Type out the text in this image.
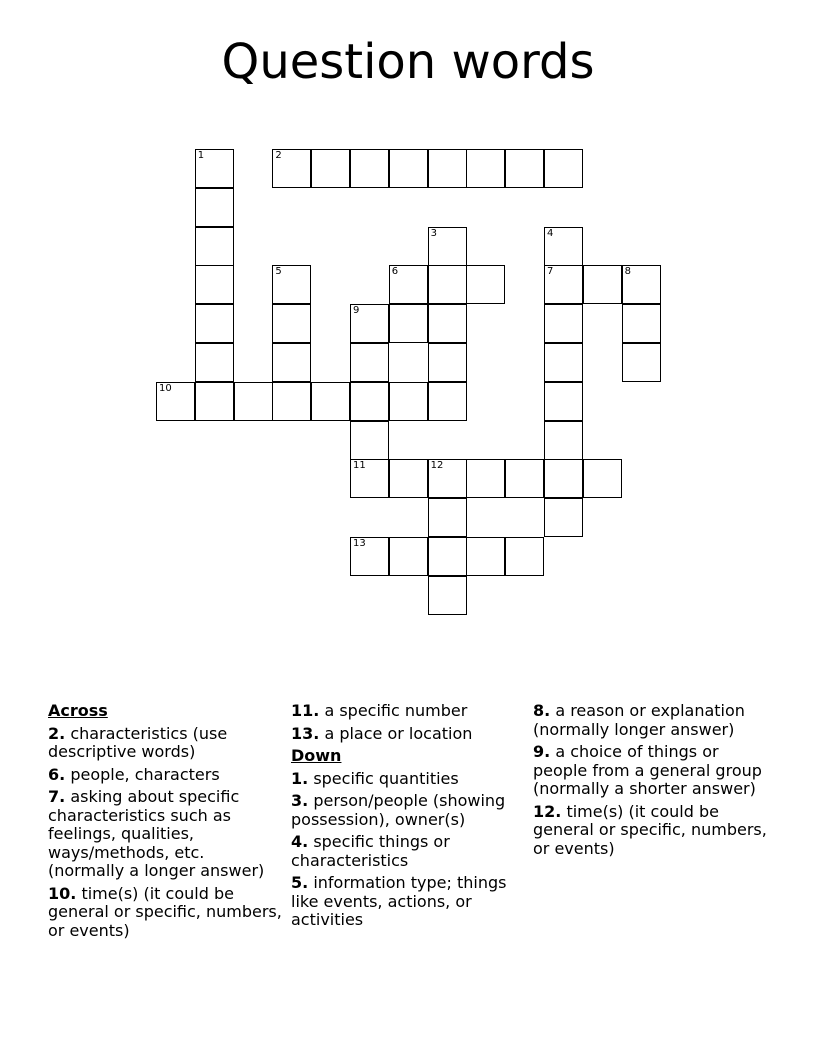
Question words
1	2
3	4
5	6	7	8
9
10
11	12
13
Across
2. characteristics (use descriptive words)
6. people, characters
7. asking about specific characteristics such as feelings, qualities, ways/methods, etc. (normally a longer answer)
10. time(s) (it could be general or specific, numbers, or events)
11. a specific number
13. a place or location
Down
1. specific quantities
3. person/people (showing possession), owner(s)
4. specific things or characteristics
5. information type; things like events, actions, or activities
8. a reason or explanation (normally longer answer)
9. a choice of things or people from a general group (normally a shorter answer)
12. time(s) (it could be general or specific, numbers, or events)
